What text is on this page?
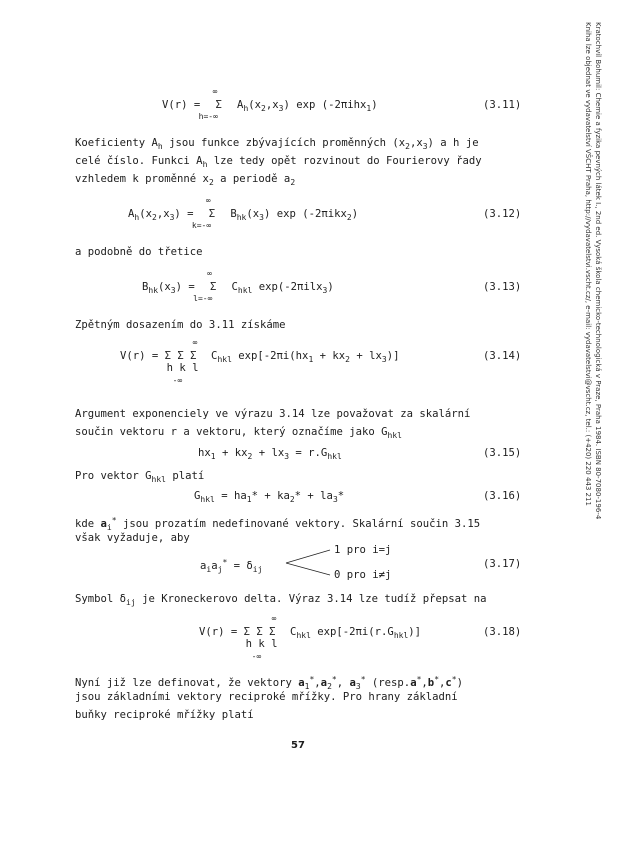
Kratochvíl Bohumil: Chemie a fyzika pevných látek I., 2nd ed. Vysoká škola chemicko-technologická v Praze, Praha 1984. ISBN 80-7080-196-4
Kniha lze objednat ve vydavatelství VŠCHT Praha, http://vydavatelstvi.vscht.cz/, e-mail: vydavatelstvi@vscht.cz, tel.: (+420) 220 443 211
V(r) =
∞
Σ
h=-∞
$A_h(x_2,x_3)$ exp (-2πihx$_1$)	(3.11)
Koeficienty $A_h$ jsou funkce zbývajících proměnných $(x_2,x_3)$ a h je
celé číslo. Funkci $A_h$ lze tedy opět rozvinout do Fourierovy řady
vzhledem k proměnné $x_2$ a periodě $a_2$
$A_h(x_2,x_3)$ =
∞
Σ
k=-∞
$B_{hk}(x_3)$ exp (-2πikx$_2$)	(3.12)
a podobně do třetice
$B_{hk}(x_3)$ =
∞
Σ
l=-∞
$C_{hkl}$ exp(-2πilx$_3$)	(3.13)
Zpětným dosazením do 3.11 získáme
V(r) =
∞
Σ Σ Σ
h k l
-∞
$C_{hkl}$ $\exp[-2\pi i(hx_1 + kx_2 + lx_3)]$	(3.14)
Argument exponenciely ve výrazu 3.14 lze považovat za skalární
součin vektoru r a vektoru, který označíme jako $G_{hkl}$
$hx_1 + kx_2 + lx_3 = r.G_{hkl}$	(3.15)
Pro vektor $G_{hkl}$ platí
$G_{hkl} = ha_1* + ka_2* + la_3*$	(3.16)
kde $a_i^*$ jsou prozatím nedefinované vektory. Skalární součin 3.15
však vyžaduje, aby
$a_ia_j^* = \delta_{ij}$
1 pro i=j
0 pro i≠j
(3.17)
Symbol $\delta_{ij}$ je Kroneckerovo delta. Výraz 3.14 lze tudíž přepsat na
V(r) =
∞
Σ Σ Σ
h k l
-∞
$C_{hkl}$ $\exp[-2\pi i(r.G_{hkl})]$	(3.18)
Nyní již lze definovat, že vektory $a_1^*,a_2^*$, $a_3^*$ (resp.a*,b*,c*)
jsou základními vektory reciproké mřížky. Pro hrany základní
buňky reciproké mřížky platí
57
